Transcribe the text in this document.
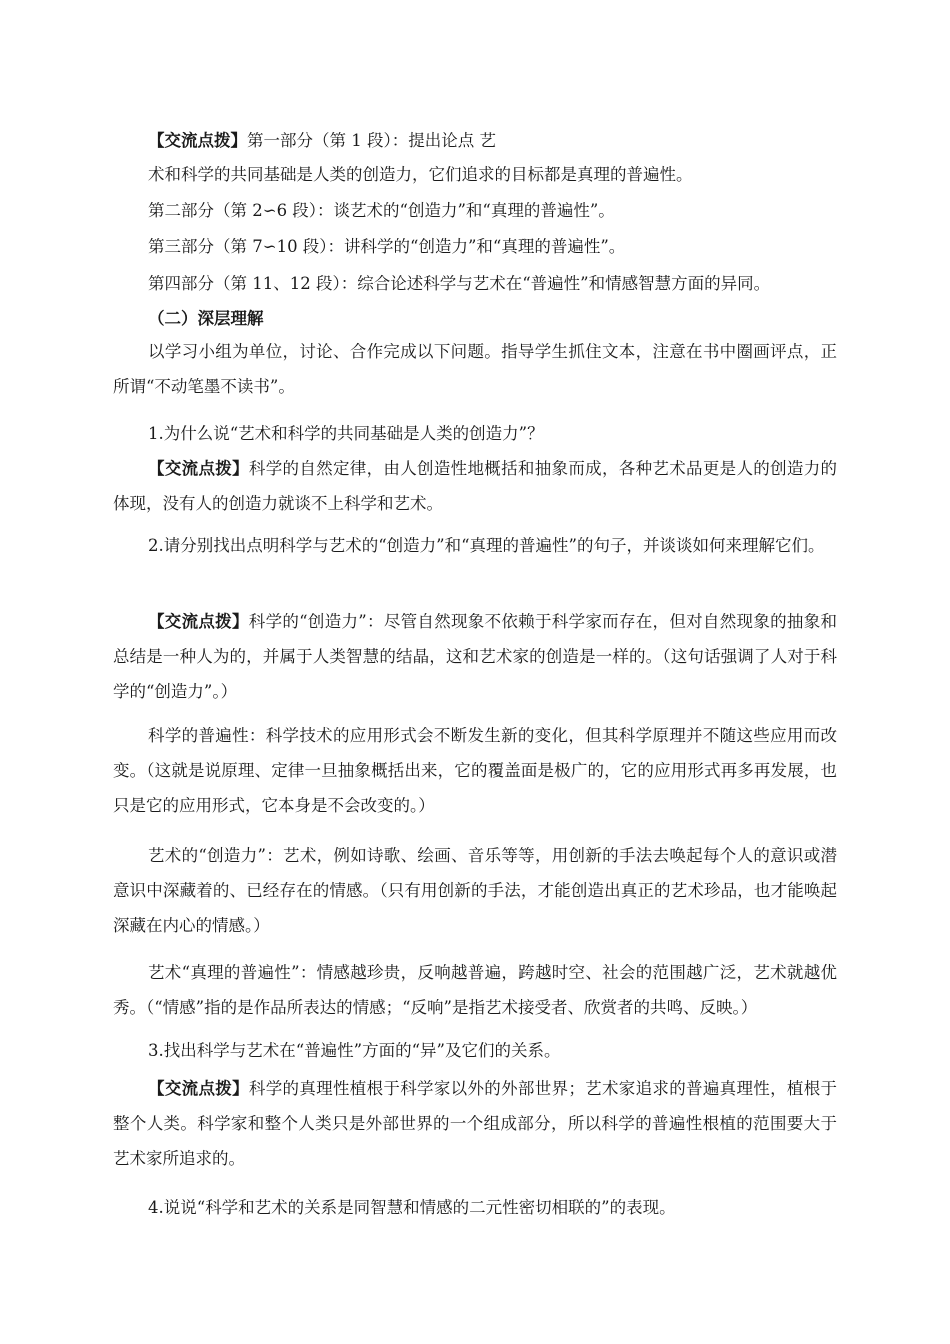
【交流点拨】第一部分（第 1 段）：提出论点 艺
术和科学的共同基础是人类的创造力，它们追求的目标都是真理的普遍性。
第二部分（第 2∽6 段）：谈艺术的“创造力”和“真理的普遍性”。
第三部分（第 7∽10 段）：讲科学的“创造力”和“真理的普遍性”。
第四部分（第 11、12 段）：综合论述科学与艺术在“普遍性”和情感智慧方面的异同。
（二）深层理解
以学习小组为单位，讨论、合作完成以下问题。指导学生抓住文本，注意在书中圈画评点，正所谓“不动笔墨不读书”。
1.为什么说“艺术和科学的共同基础是人类的创造力”？
【交流点拨】科学的自然定律，由人创造性地概括和抽象而成，各种艺术品更是人的创造力的体现，没有人的创造力就谈不上科学和艺术。
2.请分别找出点明科学与艺术的“创造力”和“真理的普遍性”的句子，并谈谈如何来理解它们。
【交流点拨】科学的“创造力”：尽管自然现象不依赖于科学家而存在，但对自然现象的抽象和总结是一种人为的，并属于人类智慧的结晶，这和艺术家的创造是一样的。（这句话强调了人对于科学的“创造力”。）
科学的普遍性：科学技术的应用形式会不断发生新的变化，但其科学原理并不随这些应用而改变。（这就是说原理、定律一旦抽象概括出来，它的覆盖面是极广的，它的应用形式再多再发展，也只是它的应用形式，它本身是不会改变的。）
艺术的“创造力”：艺术，例如诗歌、绘画、音乐等等，用创新的手法去唤起每个人的意识或潜意识中深藏着的、已经存在的情感。（只有用创新的手法，才能创造出真正的艺术珍品，也才能唤起深藏在内心的情感。）
艺术“真理的普遍性”：情感越珍贵，反响越普遍，跨越时空、社会的范围越广泛，艺术就越优秀。（“情感”指的是作品所表达的情感；“反响”是指艺术接受者、欣赏者的共鸣、反映。）
3.找出科学与艺术在“普遍性”方面的“异”及它们的关系。
【交流点拨】科学的真理性植根于科学家以外的外部世界；艺术家追求的普遍真理性，植根于整个人类。科学家和整个人类只是外部世界的一个组成部分，所以科学的普遍性根植的范围要大于艺术家所追求的。
4.说说“科学和艺术的关系是同智慧和情感的二元性密切相联的”的表现。
